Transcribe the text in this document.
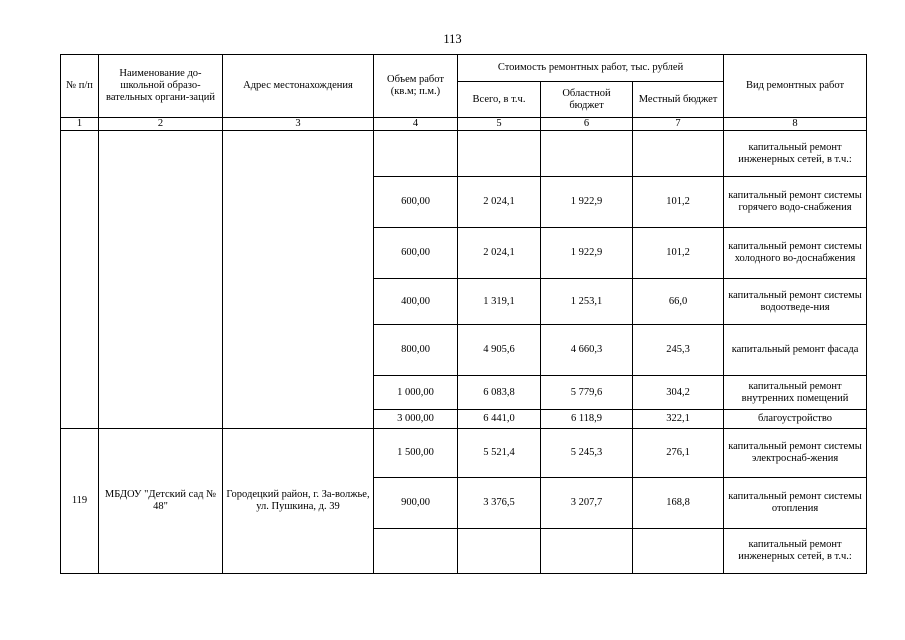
113
№ п/п	Наименование до-школьной образо-вательных органи-заций	Адрес местонахождения	Объем работ (кв.м; п.м.)	Стоимость ремонтных работ, тыс. рублей			Вид ремонтных работ
				Всего, в т.ч.	Областной бюджет	Местный бюджет	
1	2	3	4	5	6	7	8
							капитальный ремонт инженерных сетей, в т.ч.:
			600,00	2 024,1	1 922,9	101,2	капитальный ремонт системы горячего водо-снабжения
			600,00	2 024,1	1 922,9	101,2	капитальный ремонт системы холодного во-доснабжения
			400,00	1 319,1	1 253,1	66,0	капитальный ремонт системы водоотведе-ния
			800,00	4 905,6	4 660,3	245,3	капитальный ремонт фасада
			1 000,00	6 083,8	5 779,6	304,2	капитальный ремонт внутренних помещений
			3 000,00	6 441,0	6 118,9	322,1	благоустройство
119	МБДОУ "Детский сад № 48"	Городецкий район, г. За-волжье, ул. Пушкина, д. 39	1 500,00	5 521,4	5 245,3	276,1	капитальный ремонт системы электроснаб-жения
			900,00	3 376,5	3 207,7	168,8	капитальный ремонт системы отопления
							капитальный ремонт инженерных сетей, в т.ч.:
